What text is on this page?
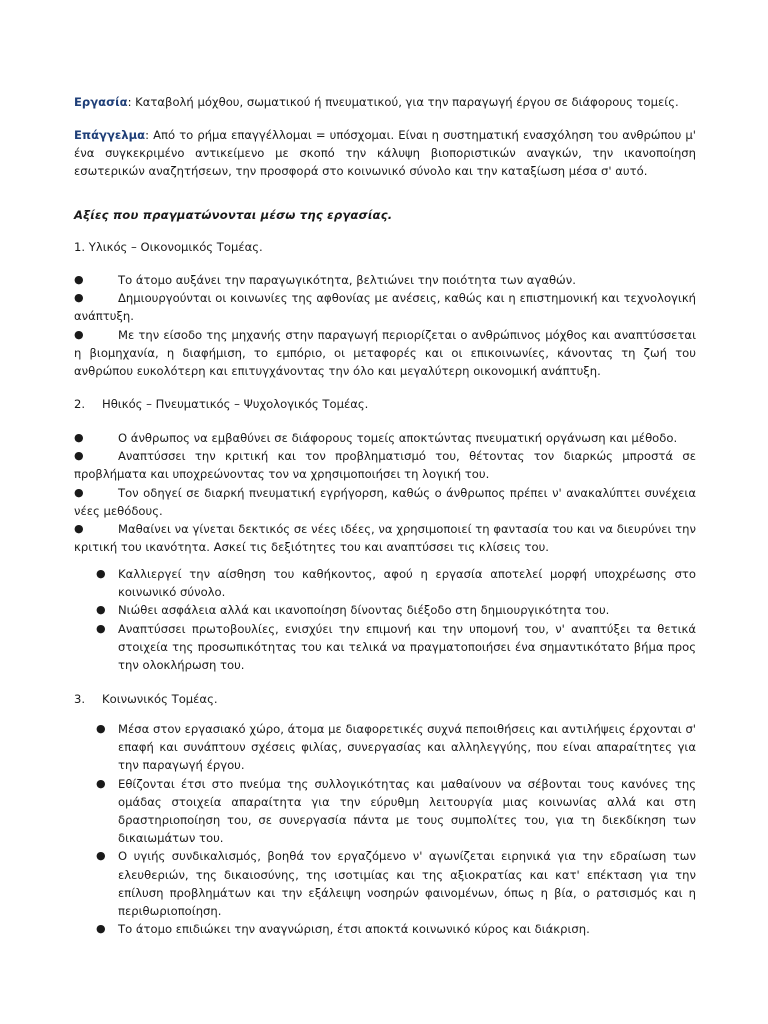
Εργασία: Καταβολή μόχθου, σωματικού ή πνευματικού, για την παραγωγή έργου σε διάφορους τομείς.

Επάγγελμα: Από το ρήμα επαγγέλλομαι = υπόσχομαι. Είναι η συστηματική ενασχόληση του ανθρώπου μ' ένα συγκεκριμένο αντικείμενο με σκοπό την κάλυψη βιοποριστικών αναγκών, την ικανοποίηση εσωτερικών αναζητήσεων, την προσφορά στο κοινωνικό σύνολο και την καταξίωση μέσα σ' αυτό.

Αξίες που πραγματώνονται μέσω της εργασίας.

1. Υλικός – Οικονομικός Τομέας.

●	Το άτομο αυξάνει την παραγωγικότητα, βελτιώνει την ποιότητα των αγαθών.
●	Δημιουργούνται οι κοινωνίες της αφθονίας με ανέσεις, καθώς και η επιστημονική και τεχνολογική ανάπτυξη.
●	Με την είσοδο της μηχανής στην παραγωγή περιορίζεται ο ανθρώπινος μόχθος και αναπτύσσεται η βιομηχανία, η διαφήμιση, το εμπόριο, οι μεταφορές και οι επικοινωνίες, κάνοντας τη ζωή του ανθρώπου ευκολότερη και επιτυγχάνοντας την όλο και μεγαλύτερη οικονομική ανάπτυξη.
2.	Ηθικός – Πνευματικός – Ψυχολογικός Τομέας.
●	Ο άνθρωπος να εμβαθύνει σε διάφορους τομείς αποκτώντας πνευματική οργάνωση και μέθοδο.
●	Αναπτύσσει την κριτική και τον προβληματισμό του, θέτοντας τον διαρκώς μπροστά σε προβλήματα και υποχρεώνοντας τον να χρησιμοποιήσει τη λογική του.
●	Τον οδηγεί σε διαρκή πνευματική εγρήγορση, καθώς ο άνθρωπος πρέπει ν' ανακαλύπτει συνέχεια νέες μεθόδους.
●	Μαθαίνει να γίνεται δεκτικός σε νέες ιδέες, να χρησιμοποιεί τη φαντασία του και να διευρύνει την κριτική του ικανότητα. Ασκεί τις δεξιότητες του και αναπτύσσει τις κλίσεις του.
● Καλλιεργεί την αίσθηση του καθήκοντος, αφού η εργασία αποτελεί μορφή υποχρέωσης στο κοινωνικό σύνολο.
● Νιώθει ασφάλεια αλλά και ικανοποίηση δίνοντας διέξοδο στη δημιουργικότητα του.
● Αναπτύσσει πρωτοβουλίες, ενισχύει την επιμονή και την υπομονή του, ν' αναπτύξει τα θετικά στοιχεία της προσωπικότητας του και τελικά να πραγματοποιήσει ένα σημαντικότατο βήμα προς την ολοκλήρωση του.
3.	Κοινωνικός Τομέας.
● Μέσα στον εργασιακό χώρο, άτομα με διαφορετικές συχνά πεποιθήσεις και αντιλήψεις έρχονται σ' επαφή και συνάπτουν σχέσεις φιλίας, συνεργασίας και αλληλεγγύης, που είναι απαραίτητες για την παραγωγή έργου.
● Εθίζονται έτσι στο πνεύμα της συλλογικότητας και μαθαίνουν να σέβονται τους κανόνες της ομάδας στοιχεία απαραίτητα για την εύρυθμη λειτουργία μιας κοινωνίας αλλά και στη δραστηριοποίηση του, σε συνεργασία πάντα με τους συμπολίτες του, για τη διεκδίκηση των δικαιωμάτων του.
● Ο υγιής συνδικαλισμός, βοηθά τον εργαζόμενο ν' αγωνίζεται ειρηνικά για την εδραίωση των ελευθεριών, της δικαιοσύνης, της ισοτιμίας και της αξιοκρατίας και κατ' επέκταση για την επίλυση προβλημάτων και την εξάλειψη νοσηρών φαινομένων, όπως η βία, ο ρατσισμός και η περιθωριοποίηση.
● Το άτομο επιδιώκει την αναγνώριση, έτσι αποκτά κοινωνικό κύρος και διάκριση.
